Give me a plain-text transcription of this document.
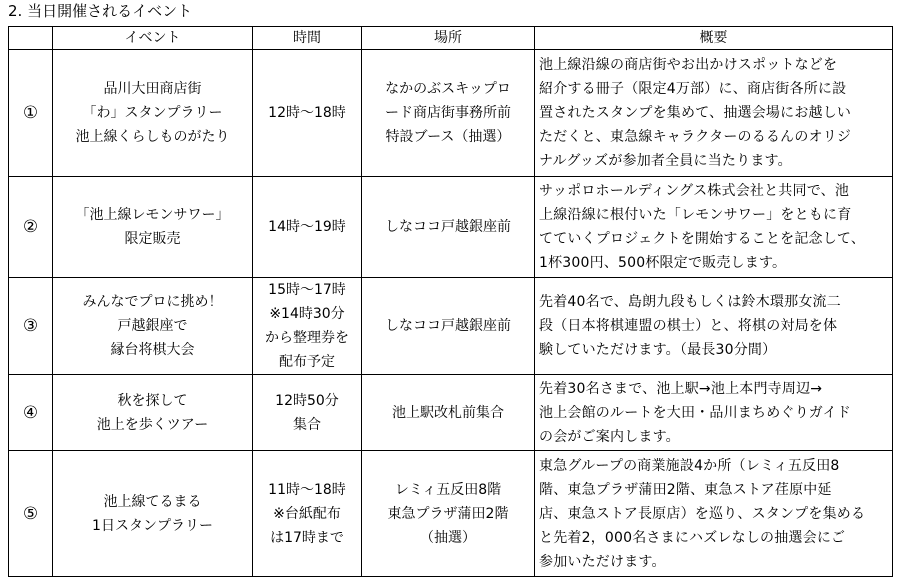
2. 当日開催されるイベント
	イベント	時間	場所	概要
①	品川大田商店街
「わ」スタンプラリー
池上線くらしものがたり	12時～18時	なかのぶスキップロ
ード商店街事務所前
特設ブース（抽選）	池上線沿線の商店街やお出かけスポットなどを
紹介する冊子（限定4万部）に、商店街各所に設
置されたスタンプを集めて、抽選会場にお越しい
ただくと、東急線キャラクターのるるんのオリジ
ナルグッズが参加者全員に当たります。

②	「池上線レモンサワー」
限定販売	14時～19時	しなココ戸越銀座前	サッポロホールディングス株式会社と共同で、池
上線沿線に根付いた「レモンサワー」をともに育
てていくプロジェクトを開始することを記念して、
1杯300円、500杯限定で販売します。

③	みんなでプロに挑め！
戸越銀座で
縁台将棋大会	15時～17時
※14時30分
から整理券を
配布予定	しなココ戸越銀座前	先着40名で、島朗九段もしくは鈴木環那女流二
段（日本将棋連盟の棋士）と、将棋の対局を体
験していただけます。（最長30分間）

④	秋を探して
池上を歩くツアー	12時50分
集合	池上駅改札前集合	先着30名さまで、池上駅→池上本門寺周辺→
池上会館のルートを大田・品川まちめぐりガイド
の会がご案内します。

⑤	池上線てるまる
1日スタンプラリー	11時～18時
※台紙配布
は17時まで	レミィ五反田8階
東急プラザ蒲田2階
（抽選）	東急グループの商業施設4か所（レミィ五反田8
階、東急プラザ蒲田2階、東急ストア荏原中延
店、東急ストア長原店）を巡り、スタンプを集める
と先着2，000名さまにハズレなしの抽選会にご
参加いただけます。
